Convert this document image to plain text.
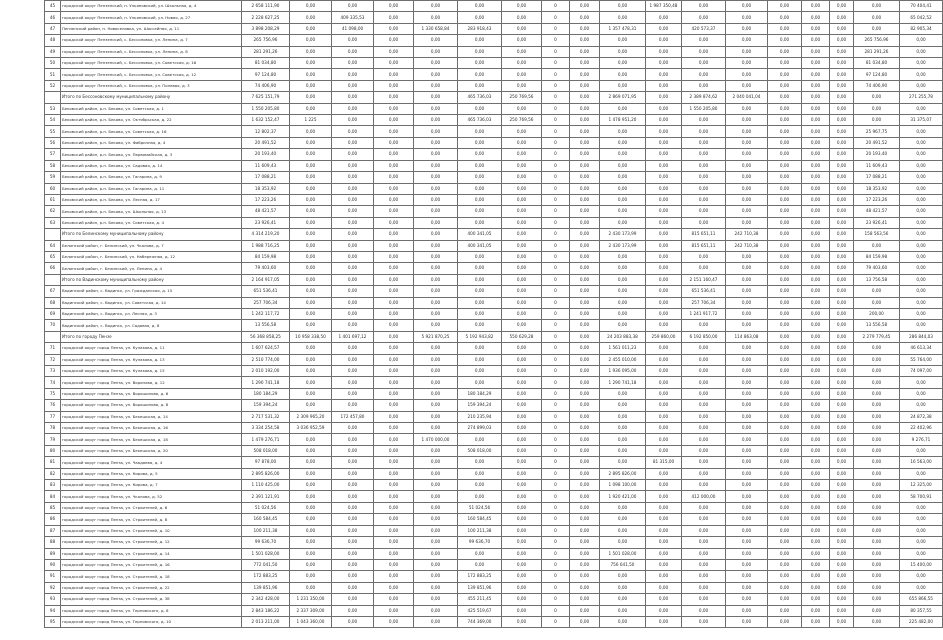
45	городской округ Пензенский, п. Ульяновский, ул. Школьная, д. 4	2 658 111,90	0,00	0,00	0,00	0,00	0,00	0,00	0	0,00	0,00	1 987 350,48	0,00	0,00	0,00	0,00	0,00	0,00	70 404,41
46	городской округ Пензенский, п. Ульяновский, ул. Новая, д. 27	2 228 627,25	0,00	409 335,53	0,00	0,00	0,00	0,00	0	0,00	0,00	0,00	0,00	0,00	0,00	0,00	0,00	0,00	65 042,52
47	Пензенский район, п. Новоселовка, ул. Шоссейная, д. 11	3 898 208,29	0,00	41 098,00	0,00	1 330 658,84	283 918,43	0,00	0	0,00	1 357 478,31	0,00	420 573,37	0,00	0,00	0,00	0,00	0,00	82 905,34
48	городской округ Пензенский, с. Бессоновка, ул. Ленина, д. 7	265 756,96	0,00	0,00	0,00	0,00	0,00	0,00	0	0,00	0,00	0,00	0,00	0,00	0,00	0,00	0,00	265 756,96	0,00
49	городской округ Пензенский, с. Бессоновка, ул. Ленина, д. 8	281 291,26	0,00	0,00	0,00	0,00	0,00	0,00	0	0,00	0,00	0,00	0,00	0,00	0,00	0,00	0,00	281 291,26	0,00
50	городской округ Пензенский, с. Бессоновка, ул. Советская, д. 16	81 034,80	0,00	0,00	0,00	0,00	0,00	0,00	0	0,00	0,00	0,00	0,00	0,00	0,00	0,00	0,00	81 034,80	0,00
51	городской округ Пензенский, с. Бессоновка, ул. Советская, д. 12	97 124,80	0,00	0,00	0,00	0,00	0,00	0,00	0	0,00	0,00	0,00	0,00	0,00	0,00	0,00	0,00	97 124,80	0,00
52	городской округ Пензенский, с. Бессоновка, ул. Полевая, д. 3	74 406,90	0,00	0,00	0,00	0,00	0,00	0,00	0	0,00	0,00	0,00	0,00	0,00	0,00	0,00	0,00	74 406,90	0,00
	Итого по Бессоновскому муниципальному району	7 625 151,79	0,00	0,00	0,00	0,00	465 736,03	250 769,56	0	0,00	2 869 071,95	0,00	2 389 874,62	2 040 041,04	0,00	0,00	0,00	0,00	271 255,78
53	Бековский район, р.п. Беково, ул. Советская, д. 1	1 550 205,80	0,00	0,00	0,00	0,00	0,00	0,00	0	0,00	0,00	0,00	1 550 205,80	0,00	0,00	0,00	0,00	0,00	0,00
54	Бековский район, р.п. Беково, ул. Октябрьская, д. 22	1 632 152,47	1 225	0,00	0,00	0,00	465 736,03	250 769,56	0	0,00	1 478 951,20	0,00	0,00	0,00	0,00	0,00	0,00	0,00	31 375,07
55	Бековский район, р.п. Беково, ул. Советская, д. 16	12 802,37	0,00	0,00	0,00	0,00	0,00	0,00	0	0,00	0,00	0,00	0,00	0,00	0,00	0,00	0,00	25 967,75	0,00
56	Бековский район, р.п. Беково, ул. Фабричная, д. 4	20 491,52	0,00	0,00	0,00	0,00	0,00	0,00	0	0,00	0,00	0,00	0,00	0,00	0,00	0,00	0,00	20 491,52	0,00
57	Бековский район, р.п. Беково, ул. Первомайская, д. 3	20 193,40	0,00	0,00	0,00	0,00	0,00	0,00	0	0,00	0,00	0,00	0,00	0,00	0,00	0,00	0,00	20 193,40	0,00
58	Бековский район, р.п. Беково, ул. Садовая, д. 14	11 609,43	0,00	0,00	0,00	0,00	0,00	0,00	0	0,00	0,00	0,00	0,00	0,00	0,00	0,00	0,00	11 609,43	0,00
59	Бековский район, р.п. Беково, ул. Гагарина, д. 9	17 088,21	0,00	0,00	0,00	0,00	0,00	0,00	0	0,00	0,00	0,00	0,00	0,00	0,00	0,00	0,00	17 088,21	0,00
60	Бековский район, р.п. Беково, ул. Гагарина, д. 11	18 353,92	0,00	0,00	0,00	0,00	0,00	0,00	0	0,00	0,00	0,00	0,00	0,00	0,00	0,00	0,00	18 353,92	0,00
61	Бековский район, р.п. Беково, ул. Лесная, д. 17	17 223,26	0,00	0,00	0,00	0,00	0,00	0,00	0	0,00	0,00	0,00	0,00	0,00	0,00	0,00	0,00	17 223,26	0,00
62	Бековский район, р.п. Беково, ул. Школьная, д. 13	48 421,57	0,00	0,00	0,00	0,00	0,00	0,00	0	0,00	0,00	0,00	0,00	0,00	0,00	0,00	0,00	48 421,57	0,00
63	Бековский район, р.п. Беково, ул. Советская, д. 4	23 926,41	0,00	0,00	0,00	0,00	0,00	0,00	0	0,00	0,00	0,00	0,00	0,00	0,00	0,00	0,00	23 926,41	0,00
	Итого по Белинскому муниципальному району	4 314 219,20	0,00	0,00	0,00	0,00	400 341,05	0,00	0	0,00	2 430 173,99	0,00	815 651,11	242 710,38	0,00	0,00	0,00	158 563,56	0,00
64	Белинский район, г. Белинский, ул. Чкалова, д. 7	1 988 716,25	0,00	0,00	0,00	0,00	400 341,05	0,00	0	0,00	2 430 173,99	0,00	815 651,11	242 710,38	0,00	0,00	0,00	0,00	0,00
65	Белинский район, г. Белинский, ул. Набережная, д. 12	84 159,98	0,00	0,00	0,00	0,00	0,00	0,00	0	0,00	0,00	0,00	0,00	0,00	0,00	0,00	0,00	84 159,98	0,00
66	Белинский район, г. Белинский, ул. Ленина, д. 4	79 403,60	0,00	0,00	0,00	0,00	0,00	0,00	0	0,00	0,00	0,00	0,00	0,00	0,00	0,00	0,00	79 403,60	0,00
	Итого по Вадинскому муниципальному району	2 164 917,05	0,00	0,00	0,00	0,00	0,00	0,00	0	0,00	0,00	0,00	2 151 160,47	0,00	0,00	0,00	0,00	13 756,58	0,00
67	Вадинский район, с. Вадинск, ул. Гражданская, д. 15	651 536,41	0,00	0,00	0,00	0,00	0,00	0,00	0	0,00	0,00	0,00	651 536,41	0,00	0,00	0,00	0,00	0,00	0,00
68	Вадинский район, с. Вадинск, ул. Советская, д. 14	257 706,34	0,00	0,00	0,00	0,00	0,00	0,00	0	0,00	0,00	0,00	257 706,34	0,00	0,00	0,00	0,00	0,00	0,00
69	Вадинский район, с. Вадинск, ул. Лесная, д. 3	1 242 117,72	0,00	0,00	0,00	0,00	0,00	0,00	0	0,00	0,00	0,00	1 241 917,72	0,00	0,00	0,00	0,00	200,00	0,00
70	Вадинский район, с. Вадинск, ул. Садовая, д. 8	13 556,58	0,00	0,00	0,00	0,00	0,00	0,00	0	0,00	0,00	0,00	0,00	0,00	0,00	0,00	0,00	13 556,58	0,00
	Итого по городу Пензе	56 368 858,25	10 958 338,50	1 401 697,12	0,00	5 921 870,25	5 192 943,82	550 629,28	0	0,00	24 203 883,38	259 860,00	6 192 850,00	114 863,08	0,00	0,00	0,00	2 279 779,45	286 844,03
71	городской округ город Пенза, ул. Кулакова, д. 11	1 607 624,57	0,00	0,00	0,00	0,00	0,00	0,00	0	0,00	1 561 011,23	0,00	0,00	0,00	0,00	0,00	0,00	0,00	46 613,34
72	городской округ город Пенза, ул. Кулакова, д. 13	2 510 774,00	0,00	0,00	0,00	0,00	0,00	0,00	0	0,00	2 455 010,00	0,00	0,00	0,00	0,00	0,00	0,00	0,00	55 764,00
73	городской округ город Пенза, ул. Кулакова, д. 15	2 010 192,00	0,00	0,00	0,00	0,00	0,00	0,00	0	0,00	1 936 095,00	0,00	0,00	0,00	0,00	0,00	0,00	0,00	74 097,00
74	городской округ город Пенза, ул. Воронова, д. 12	1 290 741,18	0,00	0,00	0,00	0,00	0,00	0,00	0	0,00	1 290 741,18	0,00	0,00	0,00	0,00	0,00	0,00	0,00	0,00
75	городской округ город Пенза, ул. Ворошилова, д. 6	180 184,29	0,00	0,00	0,00	0,00	180 184,29	0,00	0	0,00	0,00	0,00	0,00	0,00	0,00	0,00	0,00	0,00	0,00
76	городской округ город Пенза, ул. Ворошилова, д. 8	159 394,24	0,00	0,00	0,00	0,00	159 394,24	0,00	0	0,00	0,00	0,00	0,00	0,00	0,00	0,00	0,00	0,00	0,00
77	городской округ город Пенза, ул. Бекешская, д. 14	2 717 531,32	2 309 965,20	172 457,80	0,00	0,00	210 235,94	0,00	0	0,00	0,00	0,00	0,00	0,00	0,00	0,00	0,00	0,00	24 872,38
78	городской округ город Пенза, ул. Бекешская, д. 16	3 334 254,58	3 036 952,59	0,00	0,00	0,00	274 899,03	0,00	0	0,00	0,00	0,00	0,00	0,00	0,00	0,00	0,00	0,00	22 402,96
79	городской округ город Пенза, ул. Бекешская, д. 18	1 479 276,71	0,00	0,00	0,00	1 470 000,00	0,00	0,00	0	0,00	0,00	0,00	0,00	0,00	0,00	0,00	0,00	0,00	9 276,71
80	городской округ город Пенза, ул. Бекешская, д. 20	508 018,00	0,00	0,00	0,00	0,00	508 018,00	0,00	0	0,00	0,00	0,00	0,00	0,00	0,00	0,00	0,00	0,00	0,00
81	городской округ город Пенза, ул. Чаадаева, д. 4	97 878,00	0,00	0,00	0,00	0,00	0,00	0,00	0	0,00	0,00	81 315,00	0,00	0,00	0,00	0,00	0,00	0,00	16 563,00
82	городской округ город Пенза, ул. Кирова, д. 5	2 895 826,00	0,00	0,00	0,00	0,00	0,00	0,00	0	0,00	2 895 826,00	0,00	0,00	0,00	0,00	0,00	0,00	0,00	0,00
83	городской округ город Пенза, ул. Кирова, д. 7	1 110 425,00	0,00	0,00	0,00	0,00	0,00	0,00	0	0,00	1 098 100,00	0,00	0,00	0,00	0,00	0,00	0,00	0,00	12 325,00
84	городской округ город Пенза, ул. Чкалова, д. 52	2 391 121,91	0,00	0,00	0,00	0,00	0,00	0,00	0	0,00	1 920 421,00	0,00	412 000,00	0,00	0,00	0,00	0,00	0,00	58 700,91
85	городской округ город Пенза, ул. Строителей, д. 6	51 024,56	0,00	0,00	0,00	0,00	51 024,56	0,00	0	0,00	0,00	0,00	0,00	0,00	0,00	0,00	0,00	0,00	0,00
86	городской округ город Пенза, ул. Строителей, д. 8	160 584,45	0,00	0,00	0,00	0,00	160 584,45	0,00	0	0,00	0,00	0,00	0,00	0,00	0,00	0,00	0,00	0,00	0,00
87	городской округ город Пенза, ул. Строителей, д. 10	100 211,38	0,00	0,00	0,00	0,00	100 211,38	0,00	0	0,00	0,00	0,00	0,00	0,00	0,00	0,00	0,00	0,00	0,00
88	городской округ город Пенза, ул. Строителей, д. 12	99 636,70	0,00	0,00	0,00	0,00	99 636,70	0,00	0	0,00	0,00	0,00	0,00	0,00	0,00	0,00	0,00	0,00	0,00
89	городской округ город Пенза, ул. Строителей, д. 14	1 501 028,00	0,00	0,00	0,00	0,00	0,00	0,00	0	0,00	1 501 028,00	0,00	0,00	0,00	0,00	0,00	0,00	0,00	0,00
90	городской округ город Пенза, ул. Строителей, д. 16	772 041,50	0,00	0,00	0,00	0,00	0,00	0,00	0	0,00	756 641,50	0,00	0,00	0,00	0,00	0,00	0,00	0,00	15 400,00
91	городской округ город Пенза, ул. Строителей, д. 18	172 883,25	0,00	0,00	0,00	0,00	172 883,25	0,00	0	0,00	0,00	0,00	0,00	0,00	0,00	0,00	0,00	0,00	0,00
92	городской округ город Пенза, ул. Строителей, д. 22	139 851,96	0,00	0,00	0,00	0,00	139 851,96	0,00	0	0,00	0,00	0,00	0,00	0,00	0,00	0,00	0,00	0,00	0,00
93	городской округ город Пенза, ул. Строителей, д. 38	2 342 428,00	1 231 350,00	0,00	0,00	0,00	455 211,45	0,00	0	0,00	0,00	0,00	0,00	0,00	0,00	0,00	0,00	0,00	655 866,55
94	городской округ город Пенза, ул. Терновского, д. 8	2 843 186,22	2 337 309,00	0,00	0,00	0,00	425 519,67	0,00	0	0,00	0,00	0,00	0,00	0,00	0,00	0,00	0,00	0,00	80 357,55
95	городской округ город Пенза, ул. Терновского, д. 10	2 013 211,00	1 043 360,00	0,00	0,00	0,00	744 369,00	0,00	0	0,00	0,00	0,00	0,00	0,00	0,00	0,00	0,00	0,00	225 482,00
